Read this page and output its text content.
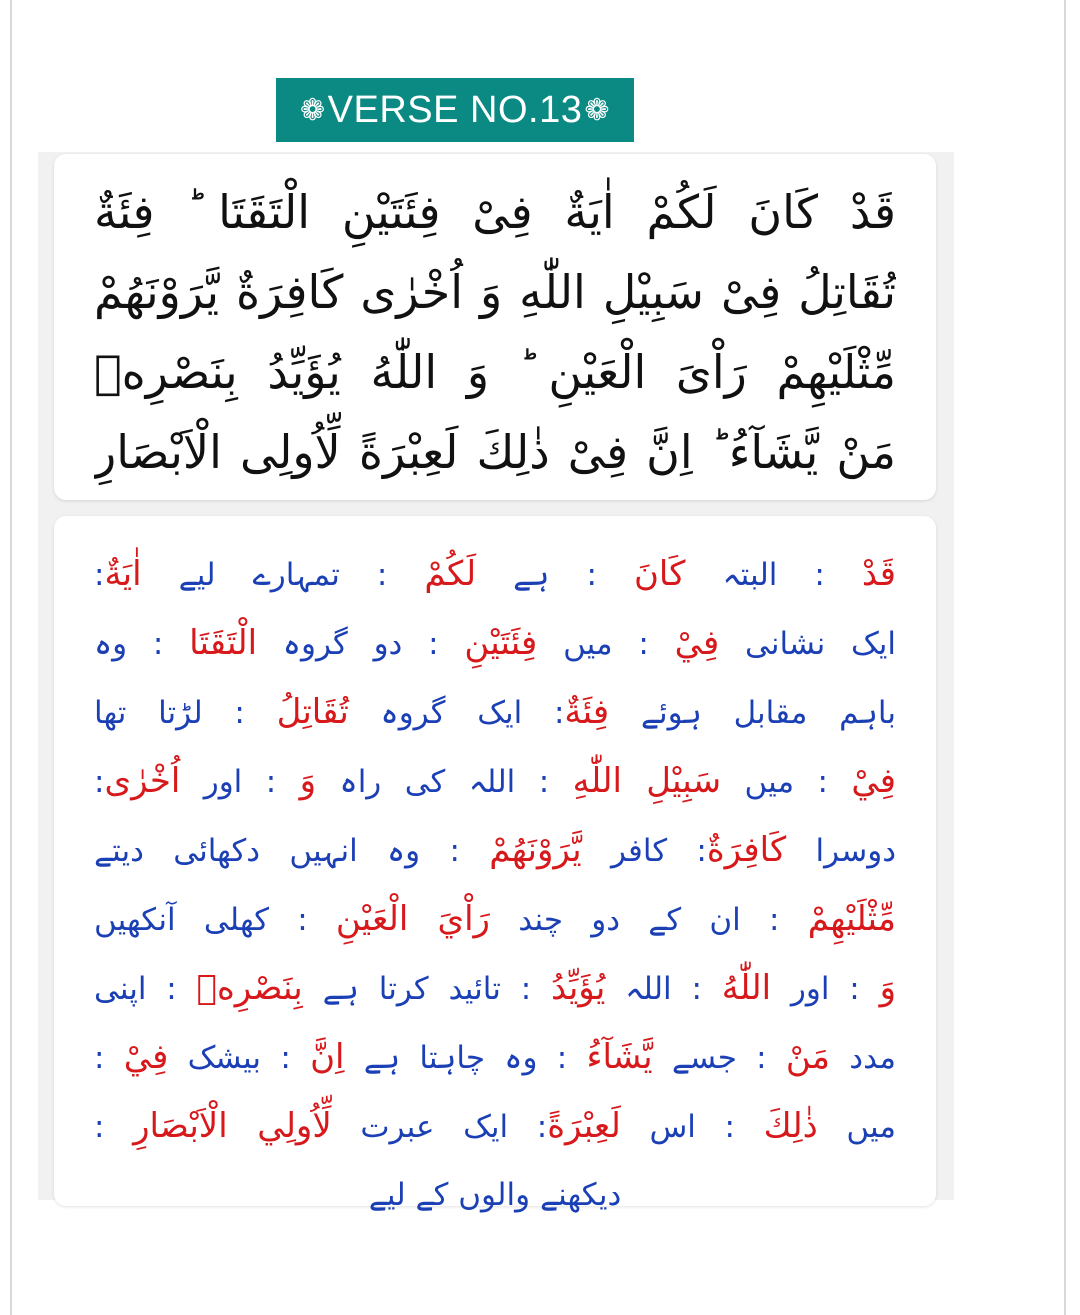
❁ VERSE NO.13 ❁
قَدْ كَانَ لَكُمْ اٰيَةٌ فِیْ فِئَتَيْنِ الْتَقَتَا ؕ فِئَةٌ
تُقَاتِلُ فِیْ سَبِيْلِ اللّٰهِ وَ اُخْرٰى كَافِرَةٌ يَّرَوْنَهُمْ
مِّثْلَيْهِمْ رَاْیَ الْعَيْنِ ؕ وَ اللّٰهُ يُؤَيِّدُ بِنَصْرِهٖ
مَنْ يَّشَآءُ ؕ اِنَّ فِیْ ذٰلِكَ لَعِبْرَةً لِّاُولِی الْاَبْصَارِ
قَدْ : البتہ كَانَ : ہے لَكُمْ : تمہارے لیے اٰيَةٌ:
ایک نشانی فِيْ : میں فِئَتَيْنِ : دو گروہ الْتَقَتَا : وہ
باہم مقابل ہوئے فِئَةٌ: ایک گروہ تُقَاتِلُ : لڑتا تھا
فِيْ : میں سَبِيْلِ اللّٰهِ : اللہ کی راہ وَ : اور اُخْرٰى:
دوسرا كَافِرَةٌ: کافر يَّرَوْنَهُمْ : وہ انہیں دکھائی دیتے
مِّثْلَيْهِمْ : ان کے دو چند رَاْيَ الْعَيْنِ : کھلی آنکھیں
وَ : اور اللّٰهُ : اللہ يُؤَيِّدُ : تائید کرتا ہے بِنَصْرِهٖ : اپنی
مدد مَنْ : جسے يَّشَآءُ : وہ چاہتا ہے اِنَّ : بیشک فِيْ :
میں ذٰلِكَ : اس لَعِبْرَةً: ایک عبرت لِّاُولِي الْاَبْصَارِ :
دیکھنے والوں کے لیے
